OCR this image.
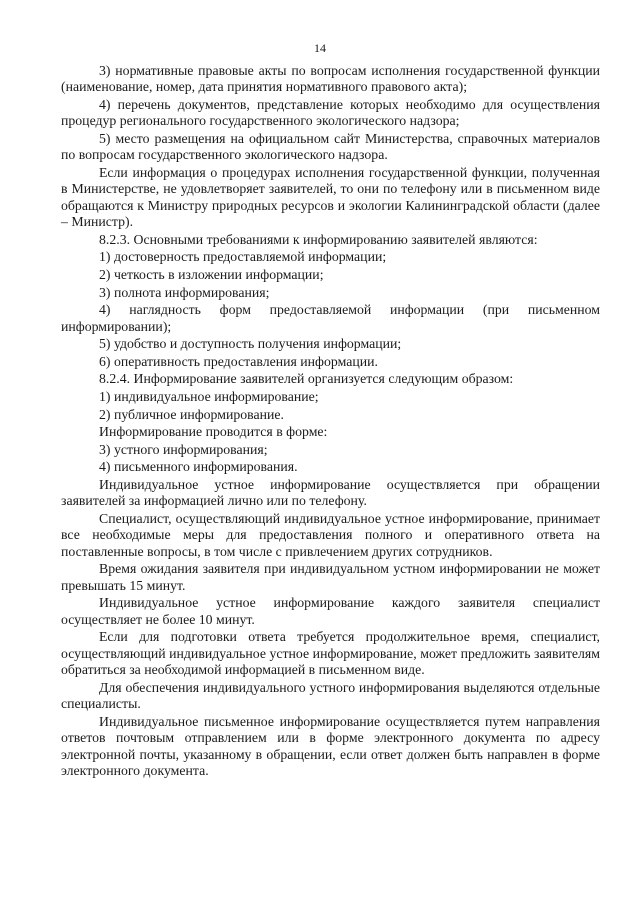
14

3) нормативные правовые акты по вопросам исполнения государственной функции (наименование, номер, дата принятия нормативного правового акта);

4) перечень документов, представление которых необходимо для осуществления процедур регионального государственного экологического надзора;

5) место размещения на официальном сайт Министерства, справочных материалов по вопросам государственного экологического надзора.

Если информация о процедурах исполнения государственной функции, полученная в Министерстве, не удовлетворяет заявителей, то они по телефону или в письменном виде обращаются к Министру природных ресурсов и экологии Калининградской области (далее – Министр).

8.2.3. Основными требованиями к информированию заявителей являются:

1) достоверность предоставляемой информации;

2) четкость в изложении информации;

3) полнота информирования;

4) наглядность форм предоставляемой информации (при письменном информировании);

5) удобство и доступность получения информации;

6) оперативность предоставления информации.

8.2.4. Информирование заявителей организуется следующим образом:

1) индивидуальное информирование;

2) публичное информирование.

Информирование проводится в форме:

3) устного информирования;

4) письменного информирования.

Индивидуальное устное информирование осуществляется при обращении заявителей за информацией лично или по телефону.

Специалист, осуществляющий индивидуальное устное информирование, принимает все необходимые меры для предоставления полного и оперативного ответа на поставленные вопросы, в том числе с привлечением других сотрудников.

Время ожидания заявителя при индивидуальном устном информировании не может превышать 15 минут.

Индивидуальное устное информирование каждого заявителя специалист осуществляет не более 10 минут.

Если для подготовки ответа требуется продолжительное время, специалист, осуществляющий индивидуальное устное информирование, может предложить заявителям обратиться за необходимой информацией в письменном виде.

Для обеспечения индивидуального устного информирования выделяются отдельные специалисты.

Индивидуальное письменное информирование осуществляется путем направления ответов почтовым отправлением или в форме электронного документа по адресу электронной почты, указанному в обращении, если ответ должен быть направлен в форме электронного документа.
